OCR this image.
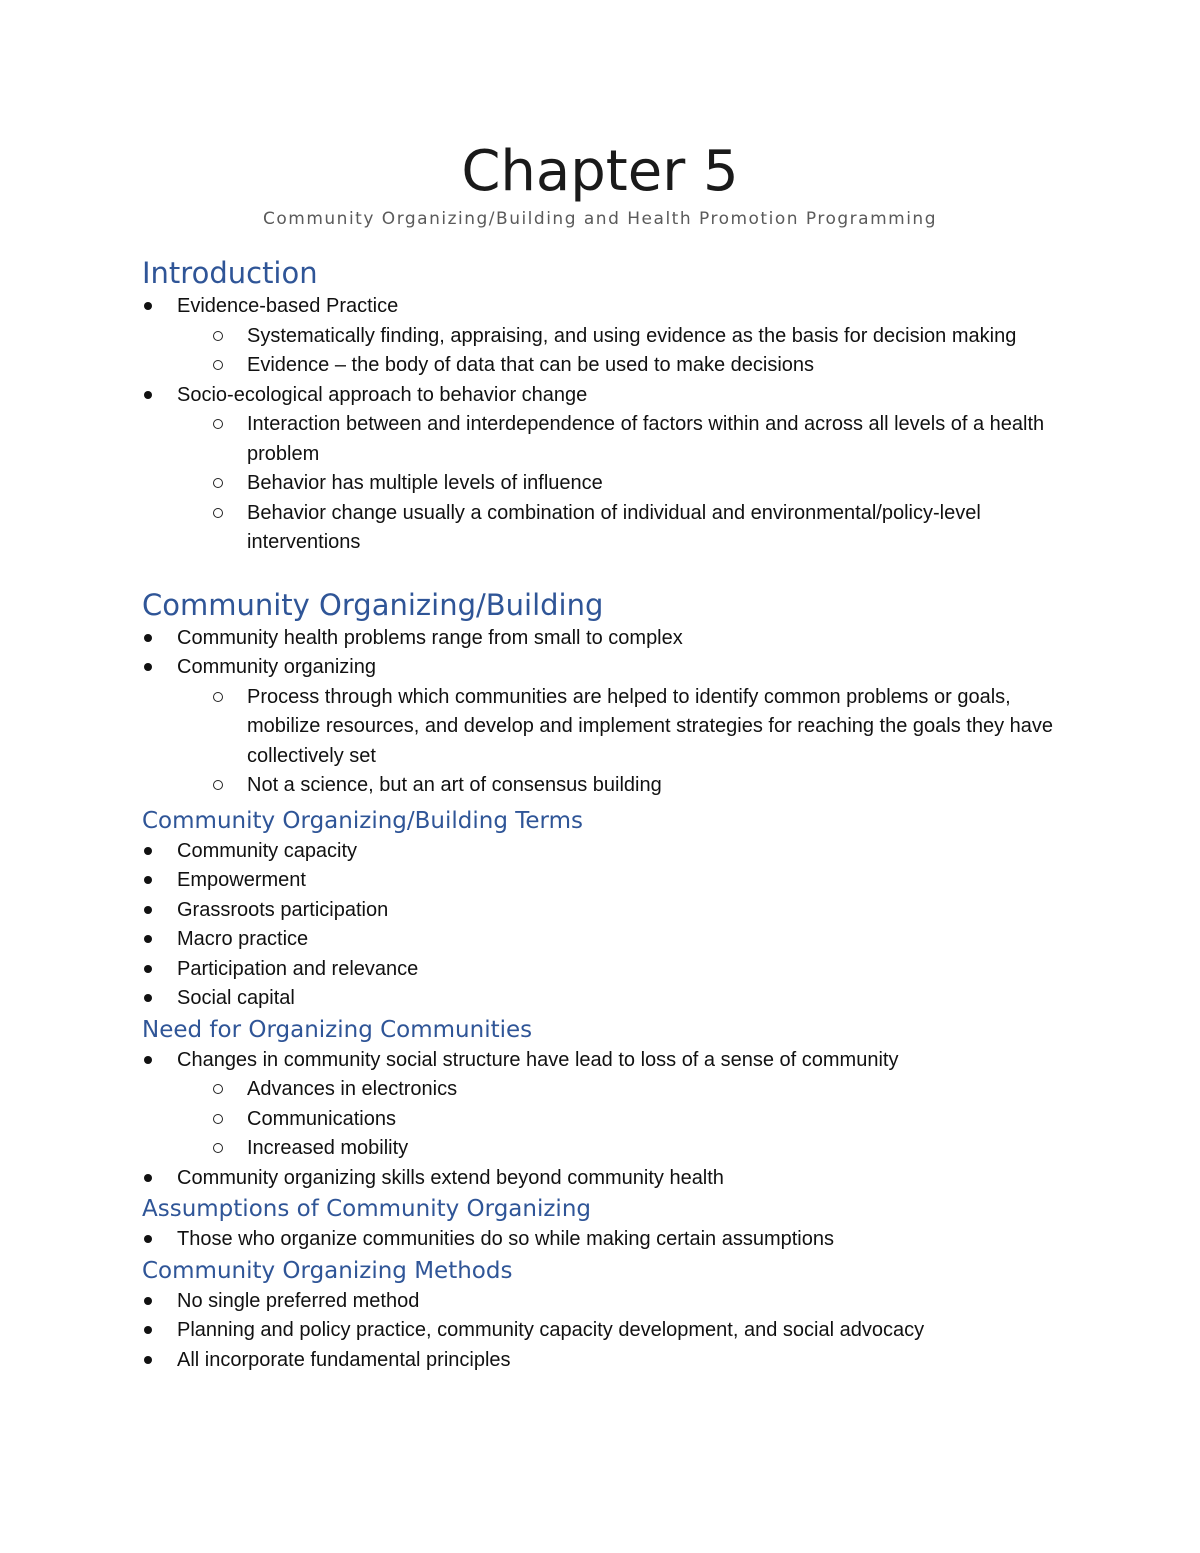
Chapter 5
Community Organizing/Building and Health Promotion Programming
Introduction
Evidence-based Practice
Systematically finding, appraising, and using evidence as the basis for decision making
Evidence – the body of data that can be used to make decisions
Socio-ecological approach to behavior change
Interaction between and interdependence of factors within and across all levels of a health problem
Behavior has multiple levels of influence
Behavior change usually a combination of individual and environmental/policy-level interventions
Community Organizing/Building
Community health problems range from small to complex
Community organizing
Process through which communities are helped to identify common problems or goals, mobilize resources, and develop and implement strategies for reaching the goals they have collectively set
Not a science, but an art of consensus building
Community Organizing/Building Terms
Community capacity
Empowerment
Grassroots participation
Macro practice
Participation and relevance
Social capital
Need for Organizing Communities
Changes in community social structure have lead to loss of a sense of community
Advances in electronics
Communications
Increased mobility
Community organizing skills extend beyond community health
Assumptions of Community Organizing
Those who organize communities do so while making certain assumptions
Community Organizing Methods
No single preferred method
Planning and policy practice, community capacity development, and social advocacy
All incorporate fundamental principles
